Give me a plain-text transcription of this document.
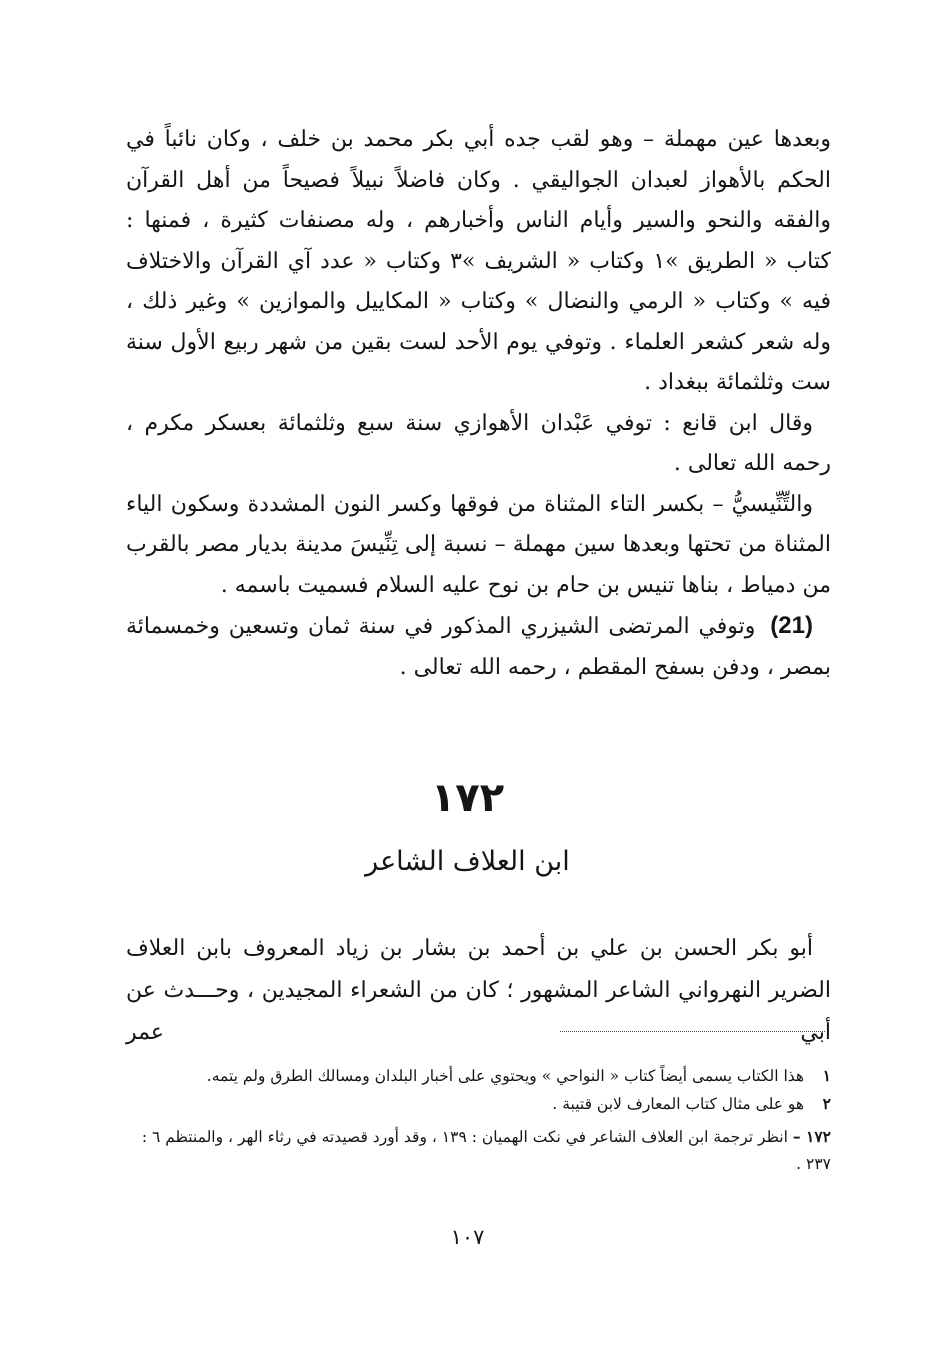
وبعدها عين مهملة – وهو لقب جده أبي بكر محمد بن خلف ، وكان نائباً في الحكم بالأهواز لعبدان الجواليقي . وكان فاضلاً نبيلاً فصيحاً من أهل القرآن والفقه والنحو والسير وأيام الناس وأخبارهم ، وله مصنفات كثيرة ، فمنها : كتاب « الطريق »١ وكتاب « الشريف »٣ وكتاب « عدد آي القرآن والاختلاف فيه » وكتاب « الرمي والنضال » وكتاب « المكاييل والموازين » وغير ذلك ، وله شعر كشعر العلماء . وتوفي يوم الأحد لست بقين من شهر ربيع الأول سنة ست وثلثمائة ببغداد .

وقال ابن قانع : توفي عَبْدان الأهوازي سنة سبع وثلثمائة بعسكر مكرم ، رحمه الله تعالى .

والتِّنِّيسيُّ – بكسر التاء المثناة من فوقها وكسر النون المشددة وسكون الياء المثناة من تحتها وبعدها سين مهملة – نسبة إلى تِنِّيسَ مدينة بديار مصر بالقرب من دمياط ، بناها تنيس بن حام بن نوح عليه السلام فسميت باسمه .

(21) وتوفي المرتضى الشيزري المذكور في سنة ثمان وتسعين وخمسمائة بمصر ، ودفن بسفح المقطم ، رحمه الله تعالى .

١٧٢
ابن العلاف الشاعر

أبو بكر الحسن بن علي بن أحمد بن بشار بن زياد المعروف بابن العلاف الضرير النهرواني الشاعر المشهور ؛ كان من الشعراء المجيدين ، وحـــدث عن أبي عمر

١ هذا الكتاب يسمى أيضاً كتاب « النواحي » ويحتوي على أخبار البلدان ومسالك الطرق ولم يتمه.

٢ هو على مثال كتاب المعارف لابن قتيبة .

١٧٢ – انظر ترجمة ابن العلاف الشاعر في نكت الهميان : ١٣٩ ، وقد أورد قصيدته في رثاء الهر ، والمنتظم ٦ : ٢٣٧ .

١٠٧
